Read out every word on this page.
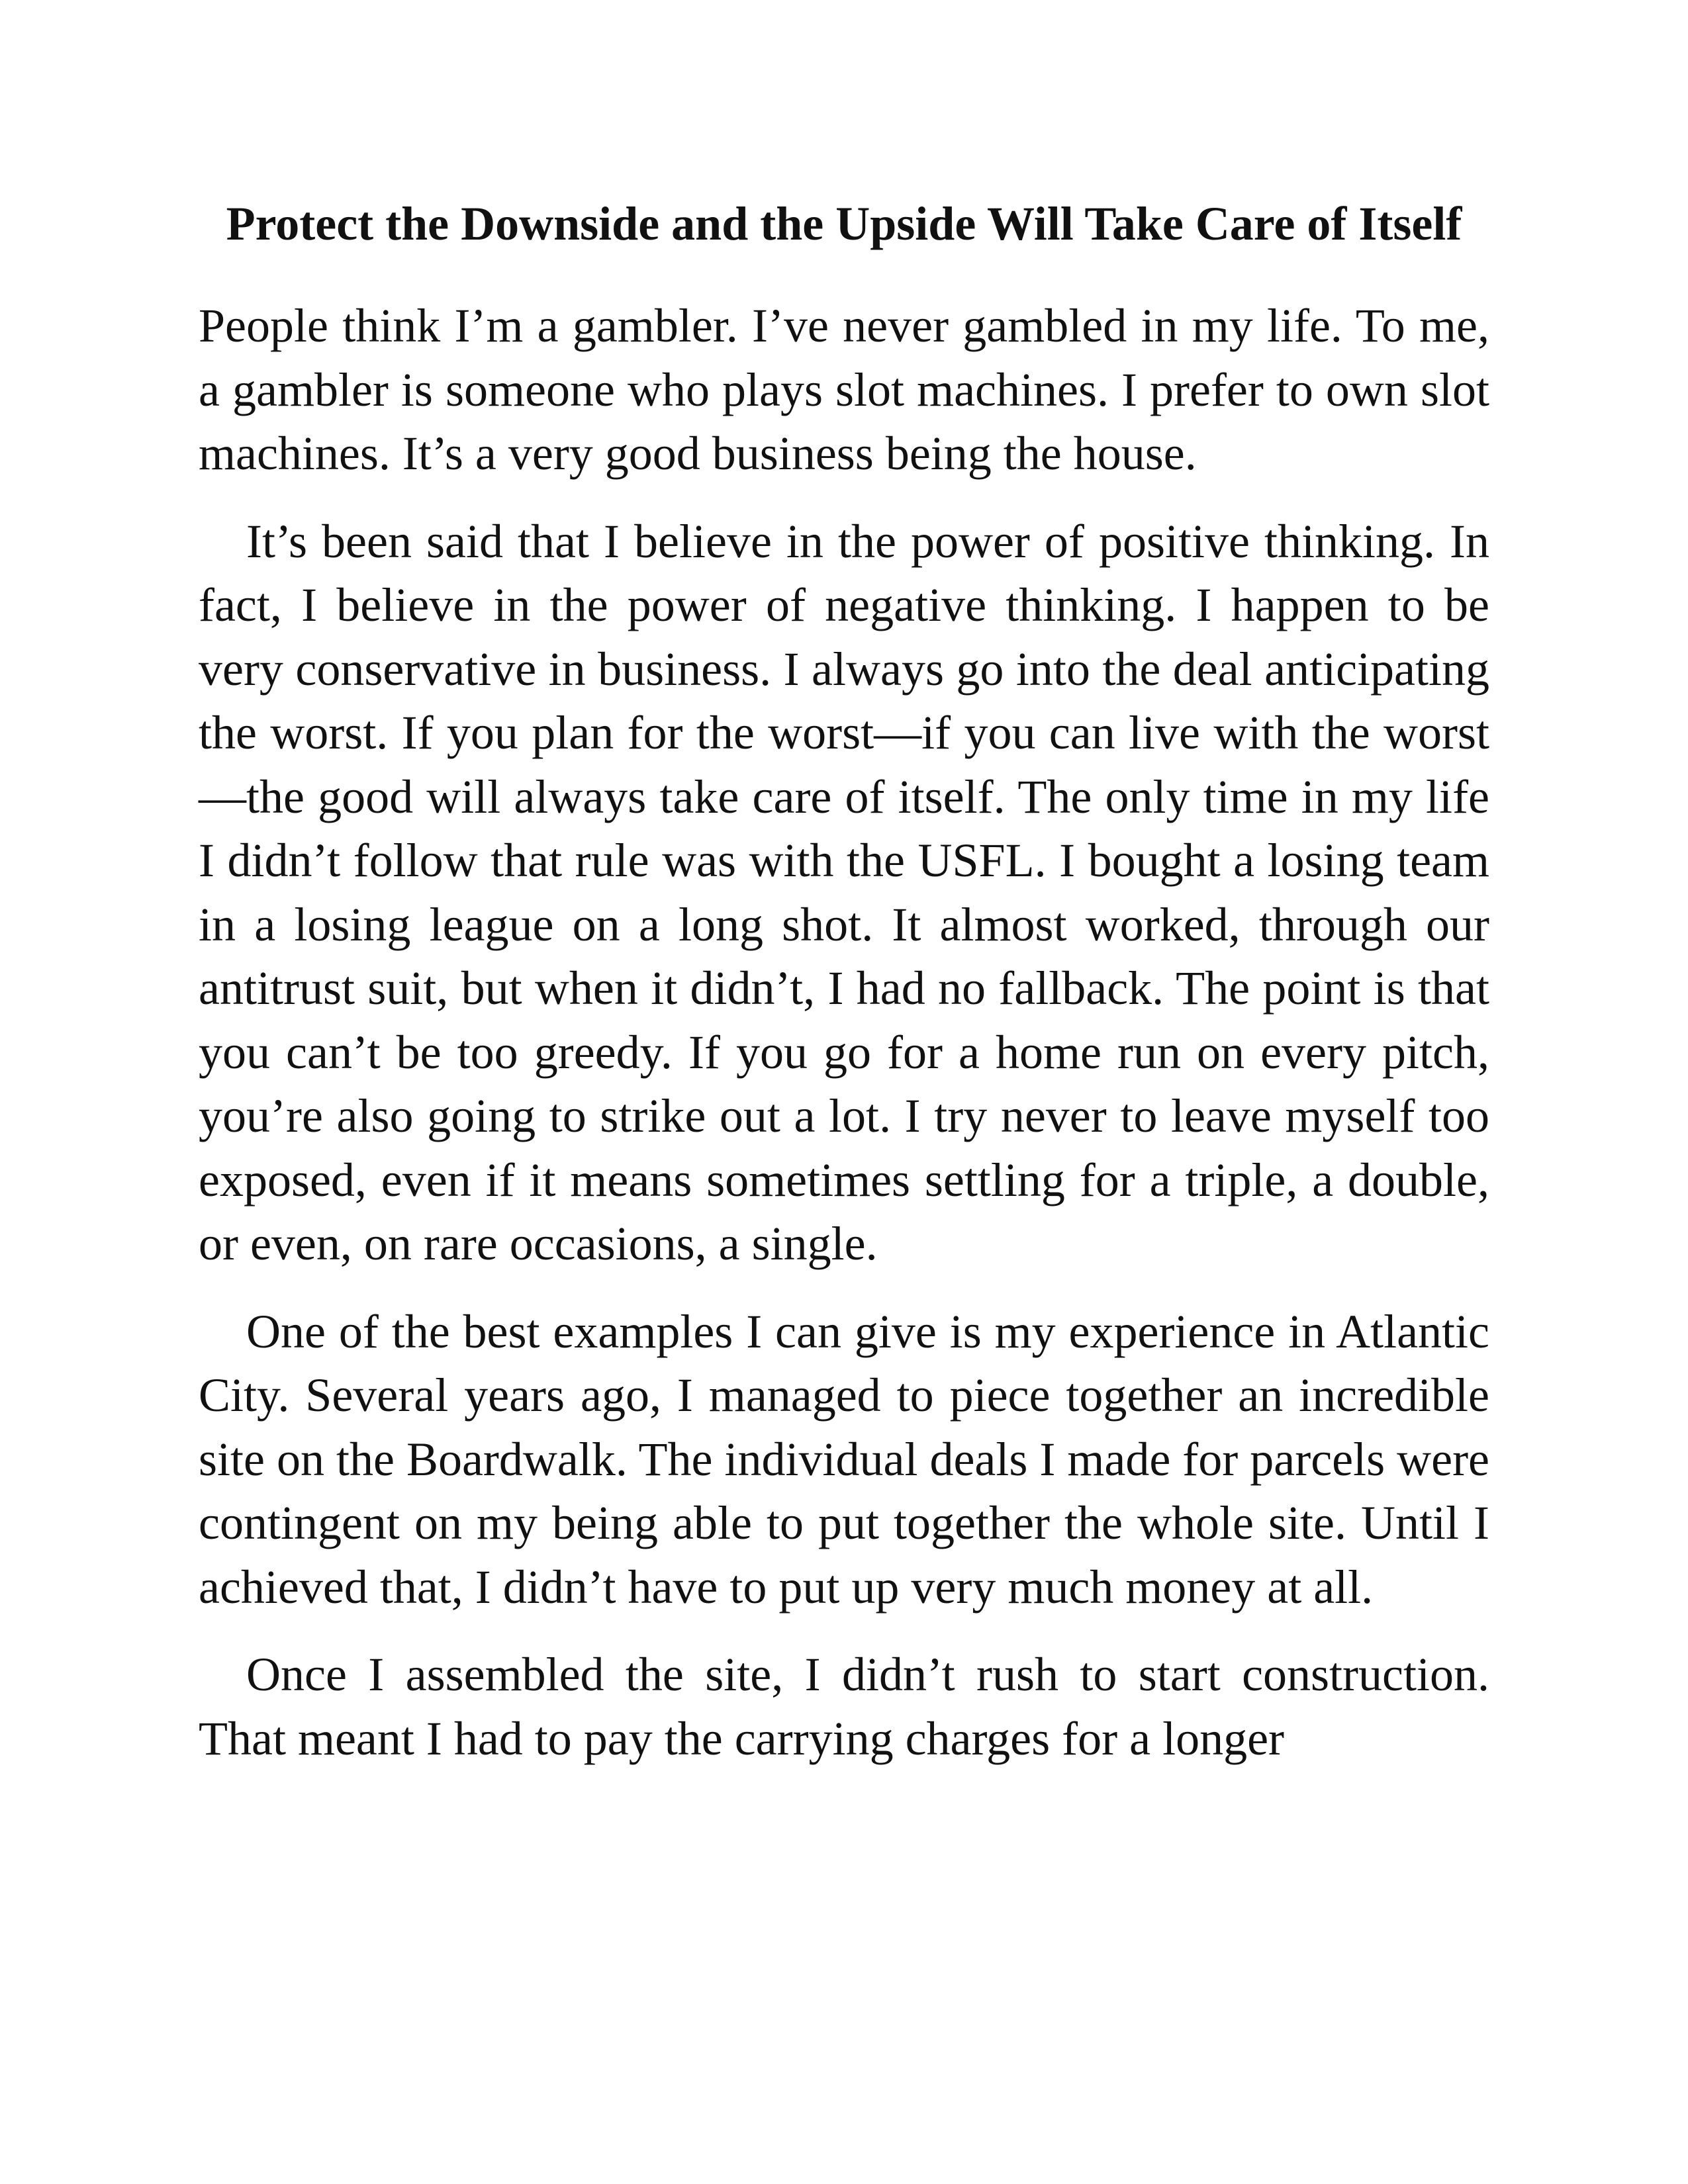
Protect the Downside and the Upside Will Take Care of Itself

People think I’m a gambler. I’ve never gambled in my life. To me, a gambler is someone who plays slot machines. I prefer to own slot machines. It’s a very good business being the house.

It’s been said that I believe in the power of positive thinking. In fact, I believe in the power of negative thinking. I happen to be very conservative in business. I always go into the deal anticipating the worst. If you plan for the worst—if you can live with the worst—the good will always take care of itself. The only time in my life I didn’t follow that rule was with the USFL. I bought a losing team in a losing league on a long shot. It almost worked, through our antitrust suit, but when it didn’t, I had no fallback. The point is that you can’t be too greedy. If you go for a home run on every pitch, you’re also going to strike out a lot. I try never to leave myself too exposed, even if it means sometimes settling for a triple, a double, or even, on rare occasions, a single.

One of the best examples I can give is my experience in Atlantic City. Several years ago, I managed to piece together an incredible site on the Boardwalk. The individual deals I made for parcels were contingent on my being able to put together the whole site. Until I achieved that, I didn’t have to put up very much money at all.

Once I assembled the site, I didn’t rush to start construction. That meant I had to pay the carrying charges for a longer
